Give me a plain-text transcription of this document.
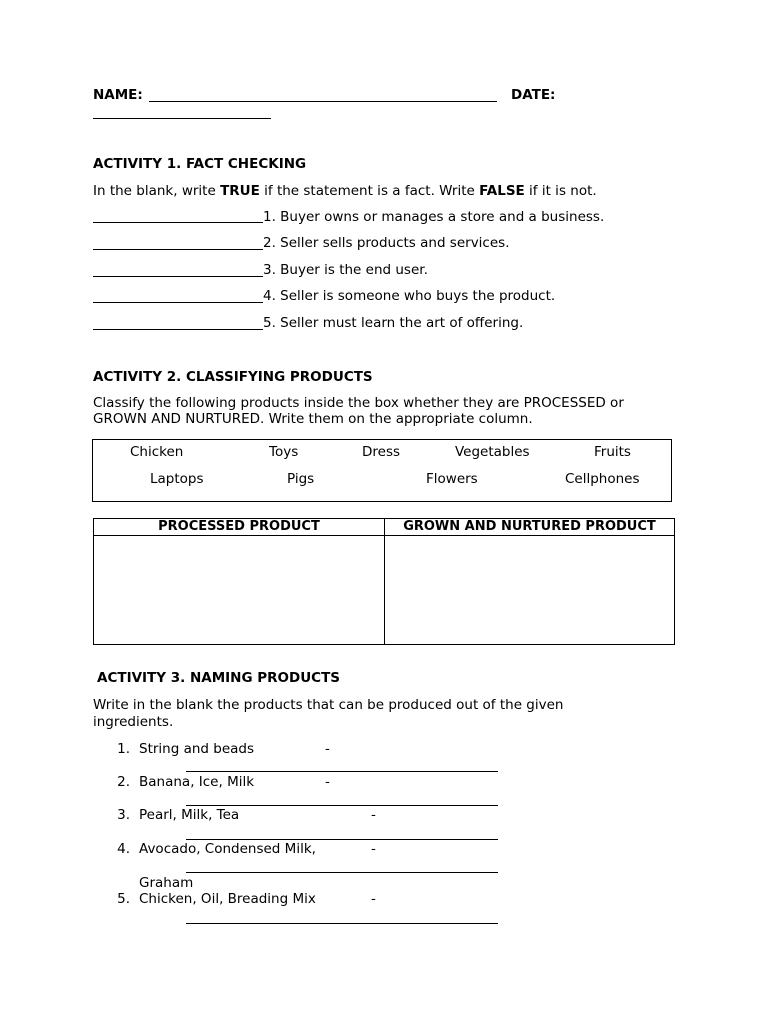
NAME:	DATE:
ACTIVITY 1. FACT CHECKING
In the blank, write TRUE if the statement is a fact. Write FALSE if it is not.
1. Buyer owns or manages a store and a business.
2. Seller sells products and services.
3. Buyer is the end user.
4. Seller is someone who buys the product.
5. Seller must learn the art of offering.
ACTIVITY 2. CLASSIFYING PRODUCTS
Classify the following products inside the box whether they are PROCESSED or
GROWN AND NURTURED. Write them on the appropriate column.
Chicken	Toys	Dress	Vegetables	Fruits
Laptops	Pigs	Flowers	Cellphones
PROCESSED PRODUCT	GROWN AND NURTURED PRODUCT
ACTIVITY 3. NAMING PRODUCTS
Write in the blank the products that can be produced out of the given
ingredients.
1. String and beads	-
2. Banana, Ice, Milk	-
3. Pearl, Milk, Tea	-
4. Avocado, Condensed Milk,	-
Graham
5. Chicken, Oil, Breading Mix	-
